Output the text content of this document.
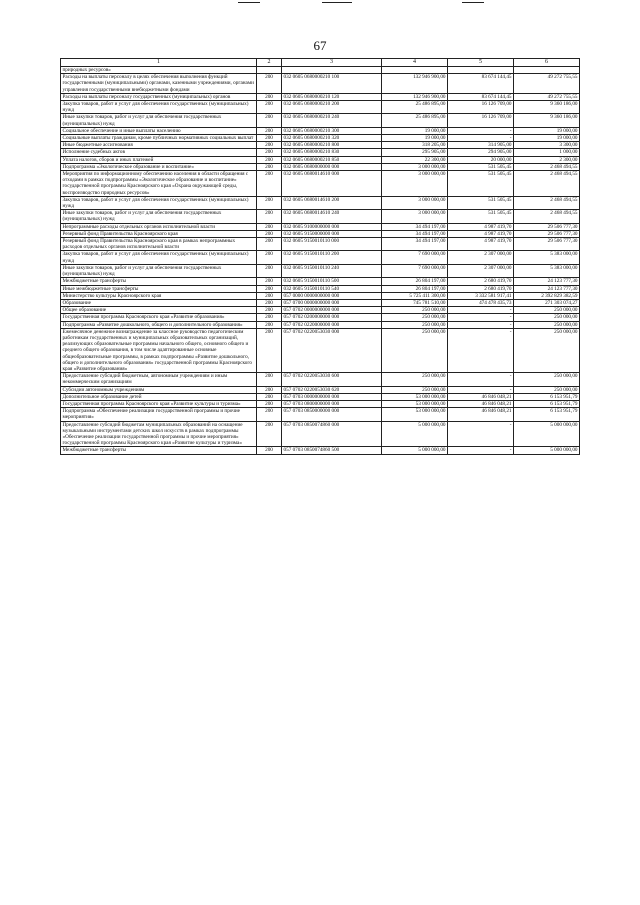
67
1	2	3	4	5	6
природных ресурсов»					
Расходы на выплаты персоналу в целях обеспечения выполнения функций государственными (муниципальными) органами, казенными учреждениями, органами управления государственными внебюджетными фондами	200	032 0605 0680000210 100	132 946 900,00	83 674 144,45	49 272 755,55
Расходы на выплаты персоналу государственных (муниципальных) органов	200	032 0605 0680000210 120	132 946 900,00	83 674 144,45	49 272 755,55
Закупка товаров, работ и услуг для обеспечения государственных (муниципальных) нужд	200	032 0605 0680000210 200	25 486 895,00	16 126 709,00	9 360 186,00
Иные закупки товаров, работ и услуг для обеспечения государственных (муниципальных) нужд	200	032 0605 0680000210 240	25 486 895,00	16 126 709,00	9 360 186,00
Социальное обеспечение и иные выплаты населению	200	032 0605 0680000210 300	19 000,00	-	19 000,00
Социальные выплаты гражданам, кроме публичных нормативных социальных выплат	200	032 0605 0680000210 320	19 000,00	-	19 000,00
Иные бюджетные ассигнования	200	032 0605 0680000210 800	318 205,00	314 905,00	3 300,00
Исполнение судебных актов	200	032 0605 0680000210 830	295 905,00	294 905,00	1 000,00
Уплата налогов, сборов и иных платежей	200	032 0605 0680000210 850	22 300,00	20 000,00	2 300,00
Подпрограмма «Экологическое образование и воспитание»	200	032 0605 0680000000 000	3 000 000,00	531 505,45	2 468 494,55
Мероприятия по информационному обеспечению населения в области обращения с отходами в рамках подпрограммы «Экологическое образование и воспитание» государственной программы Красноярского края «Охрана окружающей среды, воспроизводство природных ресурсов»	200	032 0605 0680014610 000	3 000 000,00	531 505,45	2 468 494,55
Закупка товаров, работ и услуг для обеспечения государственных (муниципальных) нужд	200	032 0605 0680014610 200	3 000 000,00	531 505,45	2 468 494,55
Иные закупки товаров, работ и услуг для обеспечения государственных (муниципальных) нужд	200	032 0605 0680014610 240	3 000 000,00	531 505,45	2 468 494,55
Непрограммные расходы отдельных органов исполнительной власти	200	032 0605 9100000000 000	34 494 197,00	4 987 419,70	29 506 777,30
Резервный фонд Правительства Красноярского края	200	032 0605 9150000000 000	34 494 197,00	4 987 419,70	29 506 777,30
Резервный фонд Правительства Красноярского края в рамках непрограммных расходов отдельных органов исполнительной власти	200	032 0605 9150010110 000	34 494 197,00	4 987 419,70	29 506 777,30
Закупка товаров, работ и услуг для обеспечения государственных (муниципальных) нужд	200	032 0605 9150010110 200	7 690 000,00	2 307 000,00	5 383 000,00
Иные закупки товаров, работ и услуг для обеспечения государственных (муниципальных) нужд	200	032 0605 9150010110 240	7 690 000,00	2 307 000,00	5 383 000,00
Межбюджетные трансферты	200	032 0605 9150010110 500	26 804 197,00	2 680 419,70	24 123 777,30
Иные межбюджетные трансферты	200	032 0605 9150010110 540	26 804 197,00	2 680 419,70	24 123 777,30
Министерство культуры Красноярского края	200	057 0000 0000000000 000	5 725 411 300,00	3 332 581 917,41	2 392 829 382,59
Образование	200	057 0700 0000000000 000	745 781 510,00	474 478 435,73	271 303 074,27
Общее образование	200	057 0702 0000000000 000	250 000,00	-	250 000,00
Государственная программа Красноярского края «Развитие образования»	200	057 0702 0200000000 000	250 000,00	-	250 000,00
Подпрограмма «Развитие дошкольного, общего и дополнительного образования»	200	057 0702 0220000000 000	250 000,00	-	250 000,00
Ежемесячное денежное вознаграждение за классное руководство педагогическим работникам государственных и муниципальных образовательных организаций, реализующих образовательные программы начального общего, основного общего и среднего общего образования, в том числе адаптированные основные общеобразовательные программы, в рамках подпрограммы «Развитие дошкольного, общего и дополнительного образования» государственной программы Красноярского края «Развитие образования»	200	057 0702 0220053030 000	250 000,00	-	250 000,00
Предоставление субсидий бюджетным, автономным учреждениям и иным некоммерческим организациям	200	057 0702 0220053030 600	250 000,00	-	250 000,00
Субсидии автономным учреждениям	200	057 0702 0220053030 620	250 000,00	-	250 000,00
Дополнительное образование детей	200	057 0703 0000000000 000	53 000 000,00	46 846 048,21	6 153 951,79
Государственная программа Красноярского края «Развитие культуры и туризма»	200	057 0703 0800000000 000	53 000 000,00	46 846 048,21	6 153 951,79
Подпрограмма «Обеспечение реализации государственной программы и прочие мероприятия»	200	057 0703 0850000000 000	53 000 000,00	46 846 048,21	6 153 951,79
Предоставление субсидий бюджетам муниципальных образований на оснащение музыкальными инструментами детских школ искусств в рамках подпрограммы «Обеспечение реализации государственной программы и прочие мероприятия» государственной программы Красноярского края «Развитие культуры и туризма»	200	057 0703 0850074860 000	5 000 000,00	-	5 000 000,00
Межбюджетные трансферты	200	057 0703 0850074860 500	5 000 000,00	-	5 000 000,00
